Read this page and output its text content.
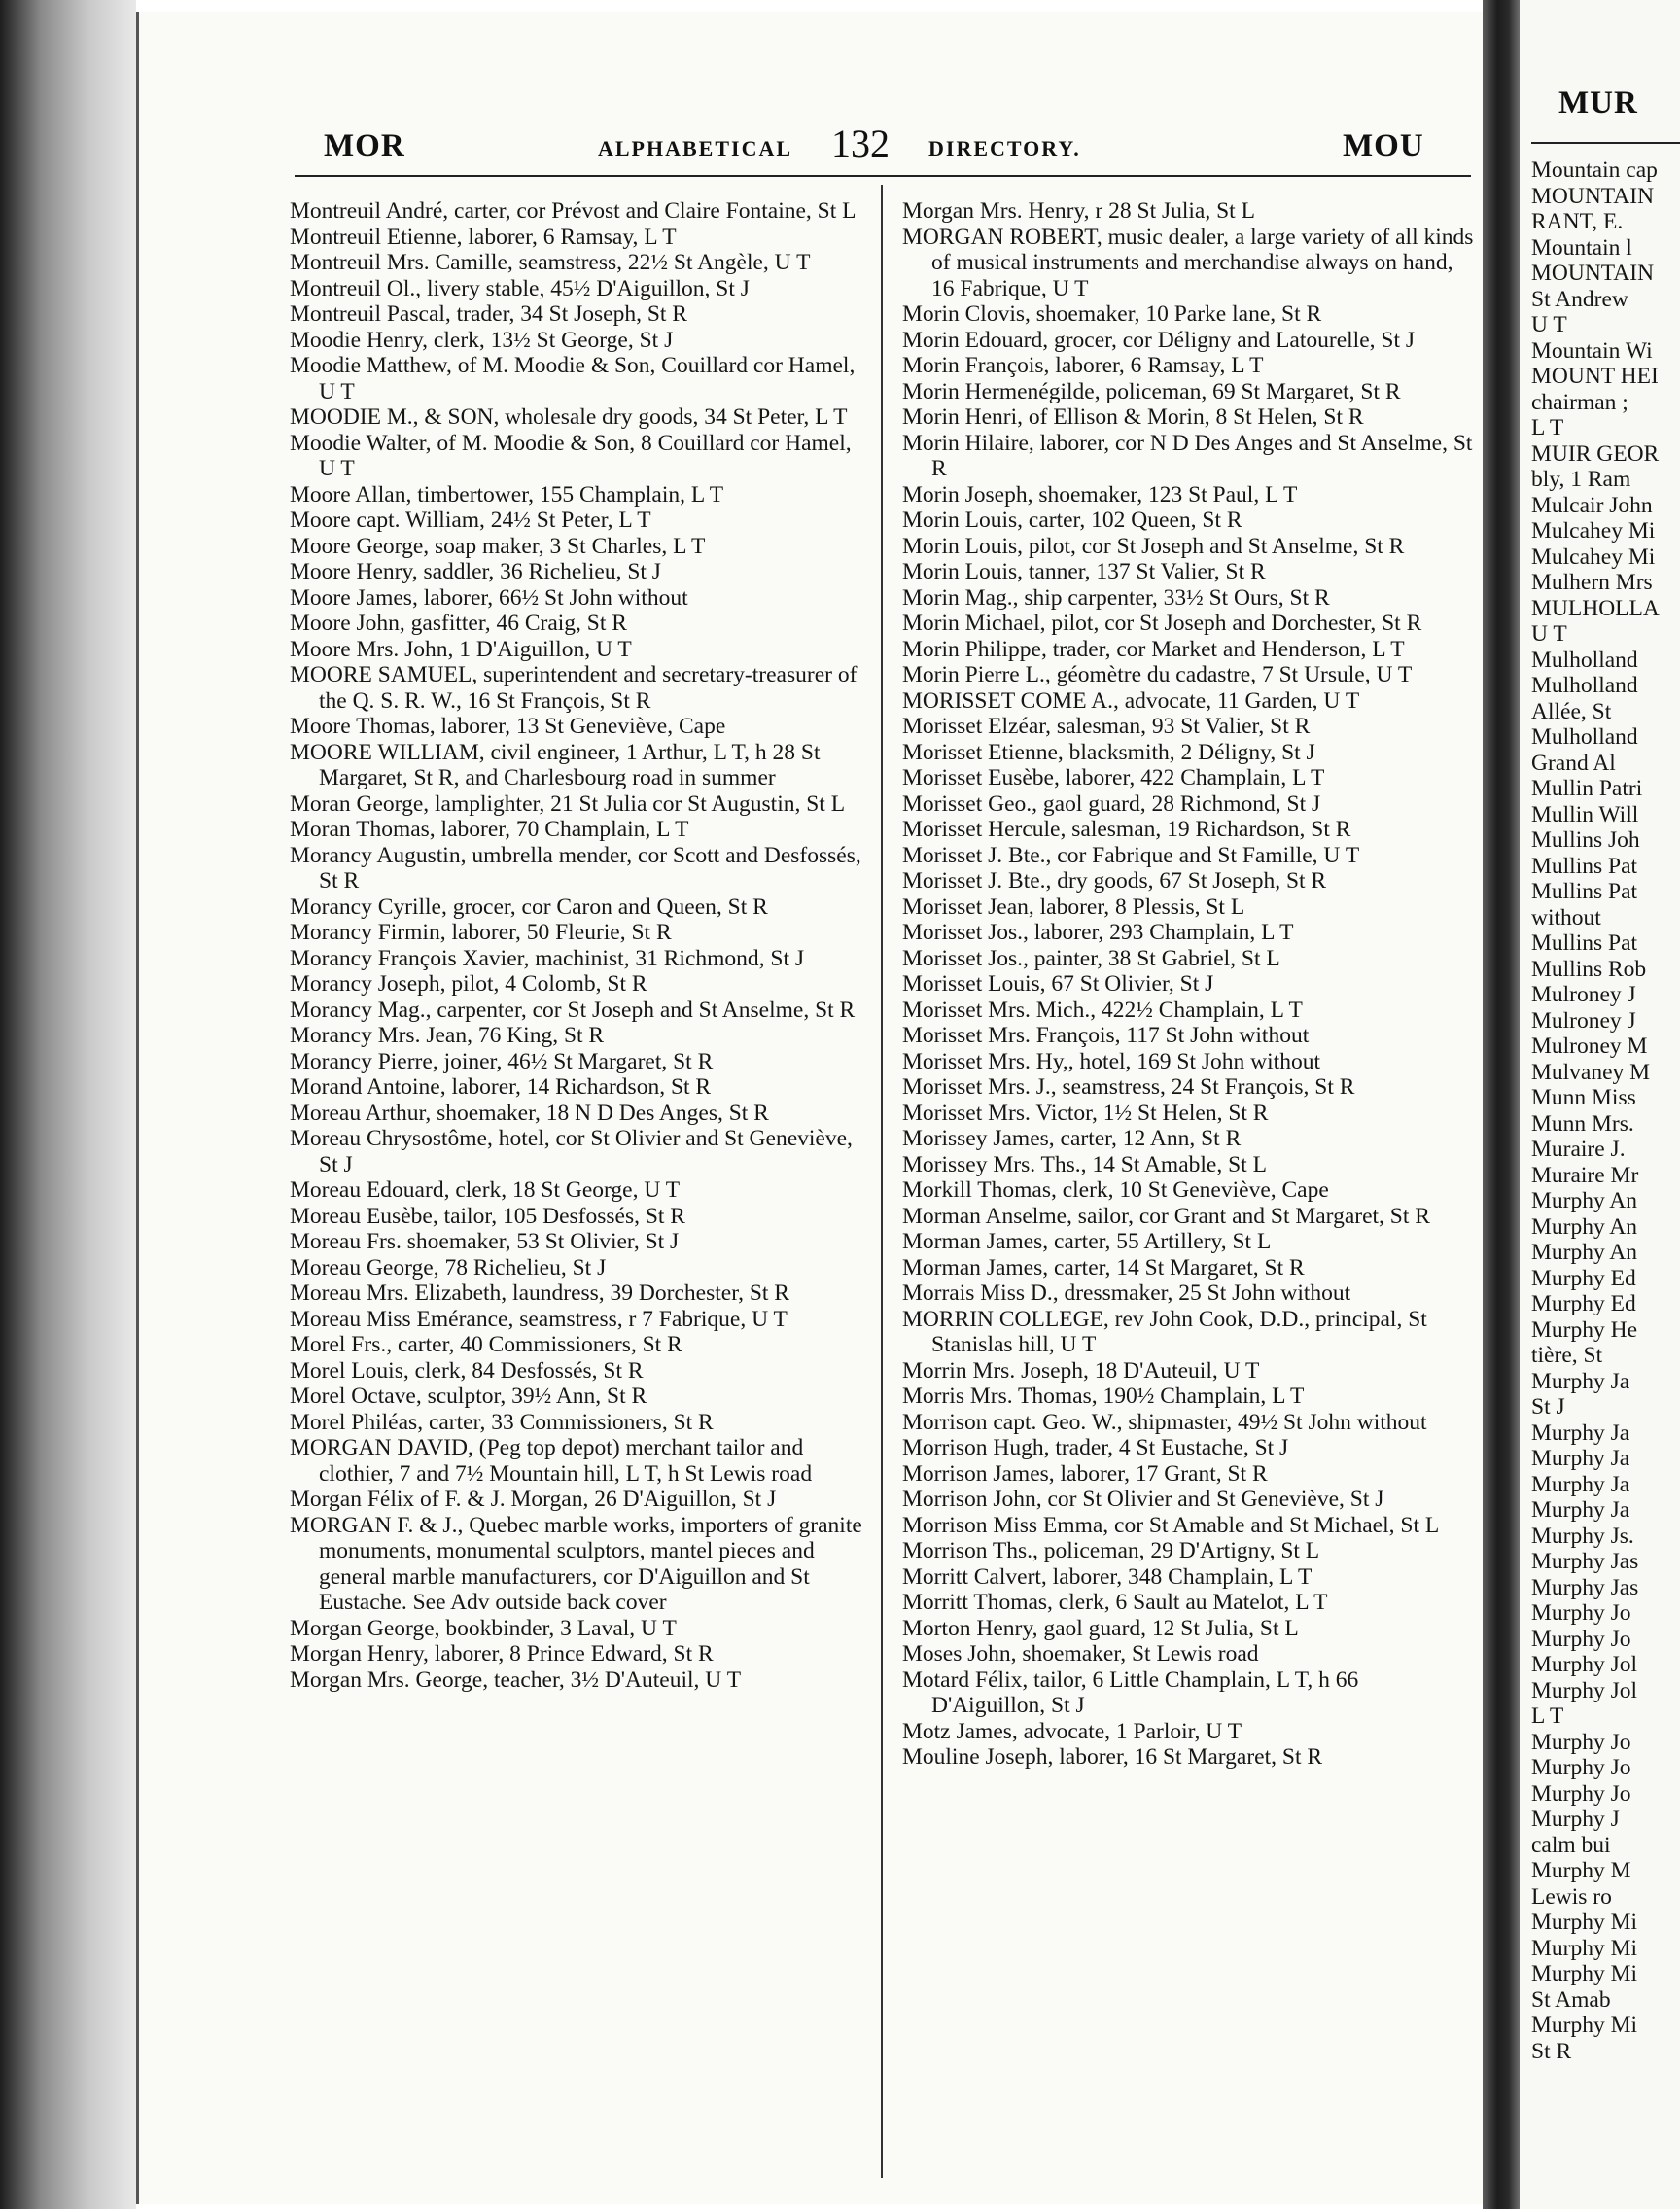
MOR	ALPHABETICAL 132 DIRECTORY.	MOU
Montreuil André, carter, cor Prévost and Claire Fontaine, St L
Montreuil Etienne, laborer, 6 Ramsay, L T
Montreuil Mrs. Camille, seamstress, 22½ St Angèle, U T
Montreuil Ol., livery stable, 45½ D'Aiguillon, St J
Montreuil Pascal, trader, 34 St Joseph, St R
Moodie Henry, clerk, 13½ St George, St J
Moodie Matthew, of M. Moodie & Son, Couillard cor Hamel, U T
MOODIE M., & SON, wholesale dry goods, 34 St Peter, L T
Moodie Walter, of M. Moodie & Son, 8 Couillard cor Hamel, U T
Moore Allan, timbertower, 155 Champlain, L T
Moore capt. William, 24½ St Peter, L T
Moore George, soap maker, 3 St Charles, L T
Moore Henry, saddler, 36 Richelieu, St J
Moore James, laborer, 66½ St John without
Moore John, gasfitter, 46 Craig, St R
Moore Mrs. John, 1 D'Aiguillon, U T
MOORE SAMUEL, superintendent and secretary-treasurer of the Q. S. R. W., 16 St François, St R
Moore Thomas, laborer, 13 St Geneviève, Cape
MOORE WILLIAM, civil engineer, 1 Arthur, L T, h 28 St Margaret, St R, and Charlesbourg road in summer
Moran George, lamplighter, 21 St Julia cor St Augustin, St L
Moran Thomas, laborer, 70 Champlain, L T
Morancy Augustin, umbrella mender, cor Scott and Desfossés, St R
Morancy Cyrille, grocer, cor Caron and Queen, St R
Morancy Firmin, laborer, 50 Fleurie, St R
Morancy François Xavier, machinist, 31 Richmond, St J
Morancy Joseph, pilot, 4 Colomb, St R
Morancy Mag., carpenter, cor St Joseph and St Anselme, St R
Morancy Mrs. Jean, 76 King, St R
Morancy Pierre, joiner, 46½ St Margaret, St R
Morand Antoine, laborer, 14 Richardson, St R
Moreau Arthur, shoemaker, 18 N D Des Anges, St R
Moreau Chrysostôme, hotel, cor St Olivier and St Geneviève, St J
Moreau Edouard, clerk, 18 St George, U T
Moreau Eusèbe, tailor, 105 Desfossés, St R
Moreau Frs. shoemaker, 53 St Olivier, St J
Moreau George, 78 Richelieu, St J
Moreau Mrs. Elizabeth, laundress, 39 Dorchester, St R
Moreau Miss Emérance, seamstress, r 7 Fabrique, U T
Morel Frs., carter, 40 Commissioners, St R
Morel Louis, clerk, 84 Desfossés, St R
Morel Octave, sculptor, 39½ Ann, St R
Morel Philéas, carter, 33 Commissioners, St R
MORGAN DAVID, (Peg top depot) merchant tailor and clothier, 7 and 7½ Mountain hill, L T, h St Lewis road
Morgan Félix of F. & J. Morgan, 26 D'Aiguillon, St J
MORGAN F. & J., Quebec marble works, importers of granite monuments, monumental sculptors, mantel pieces and general marble manufacturers, cor D'Aiguillon and St Eustache. See Adv outside back cover
Morgan George, bookbinder, 3 Laval, U T
Morgan Henry, laborer, 8 Prince Edward, St R
Morgan Mrs. George, teacher, 3½ D'Auteuil, U T
Morgan Mrs. Henry, r 28 St Julia, St L
MORGAN ROBERT, music dealer, a large variety of all kinds of musical instruments and merchandise always on hand, 16 Fabrique, U T
Morin Clovis, shoemaker, 10 Parke lane, St R
Morin Edouard, grocer, cor Déligny and Latourelle, St J
Morin François, laborer, 6 Ramsay, L T
Morin Hermenégilde, policeman, 69 St Margaret, St R
Morin Henri, of Ellison & Morin, 8 St Helen, St R
Morin Hilaire, laborer, cor N D Des Anges and St Anselme, St R
Morin Joseph, shoemaker, 123 St Paul, L T
Morin Louis, carter, 102 Queen, St R
Morin Louis, pilot, cor St Joseph and St Anselme, St R
Morin Louis, tanner, 137 St Valier, St R
Morin Mag., ship carpenter, 33½ St Ours, St R
Morin Michael, pilot, cor St Joseph and Dorchester, St R
Morin Philippe, trader, cor Market and Henderson, L T
Morin Pierre L., géomètre du cadastre, 7 St Ursule, U T
MORISSET COME A., advocate, 11 Garden, U T
Morisset Elzéar, salesman, 93 St Valier, St R
Morisset Etienne, blacksmith, 2 Déligny, St J
Morisset Eusèbe, laborer, 422 Champlain, L T
Morisset Geo., gaol guard, 28 Richmond, St J
Morisset Hercule, salesman, 19 Richardson, St R
Morisset J. Bte., cor Fabrique and St Famille, U T
Morisset J. Bte., dry goods, 67 St Joseph, St R
Morisset Jean, laborer, 8 Plessis, St L
Morisset Jos., laborer, 293 Champlain, L T
Morisset Jos., painter, 38 St Gabriel, St L
Morisset Louis, 67 St Olivier, St J
Morisset Mrs. Mich., 422½ Champlain, L T
Morisset Mrs. François, 117 St John without
Morisset Mrs. Hy,, hotel, 169 St John without
Morisset Mrs. J., seamstress, 24 St François, St R
Morisset Mrs. Victor, 1½ St Helen, St R
Morissey James, carter, 12 Ann, St R
Morissey Mrs. Ths., 14 St Amable, St L
Morkill Thomas, clerk, 10 St Geneviève, Cape
Morman Anselme, sailor, cor Grant and St Margaret, St R
Morman James, carter, 55 Artillery, St L
Morman James, carter, 14 St Margaret, St R
Morrais Miss D., dressmaker, 25 St John without
MORRIN COLLEGE, rev John Cook, D.D., principal, St Stanislas hill, U T
Morrin Mrs. Joseph, 18 D'Auteuil, U T
Morris Mrs. Thomas, 190½ Champlain, L T
Morrison capt. Geo. W., shipmaster, 49½ St John without
Morrison Hugh, trader, 4 St Eustache, St J
Morrison James, laborer, 17 Grant, St R
Morrison John, cor St Olivier and St Geneviève, St J
Morrison Miss Emma, cor St Amable and St Michael, St L
Morrison Ths., policeman, 29 D'Artigny, St L
Morritt Calvert, laborer, 348 Champlain, L T
Morritt Thomas, clerk, 6 Sault au Matelot, L T
Morton Henry, gaol guard, 12 St Julia, St L
Moses John, shoemaker, St Lewis road
Motard Félix, tailor, 6 Little Champlain, L T, h 66 D'Aiguillon, St J
Motz James, advocate, 1 Parloir, U T
Mouline Joseph, laborer, 16 St Margaret, St R
MUR
Mountain cap
MOUNTAIN
RANT, E.
Mountain l
MOUNTAIN
St Andrew
U T
Mountain Wi
MOUNT HEI
chairman ;
L T
MUIR GEOR
bly, 1 Ram
Mulcair John
Mulcahey Mi
Mulcahey Mi
Mulhern Mrs
MULHOLLA
U T
Mulholland
Mulholland
Allée, St
Mulholland
Grand Al
Mullin Patri
Mullin Will
Mullins Joh
Mullins Pat
Mullins Pat
without
Mullins Pat
Mullins Rob
Mulroney J
Mulroney J
Mulroney M
Mulvaney M
Munn Miss
Munn Mrs.
Muraire J.
Muraire Mr
Murphy An
Murphy An
Murphy An
Murphy Ed
Murphy Ed
Murphy He
tière, St
Murphy Ja
St J
Murphy Ja
Murphy Ja
Murphy Ja
Murphy Ja
Murphy Js.
Murphy Jas
Murphy Jas
Murphy Jo
Murphy Jo
Murphy Jol
Murphy Jol
L T
Murphy Jo
Murphy Jo
Murphy Jo
Murphy J
calm bui
Murphy M
Lewis ro
Murphy Mi
Murphy Mi
Murphy Mi
St Amab
Murphy Mi
St R
